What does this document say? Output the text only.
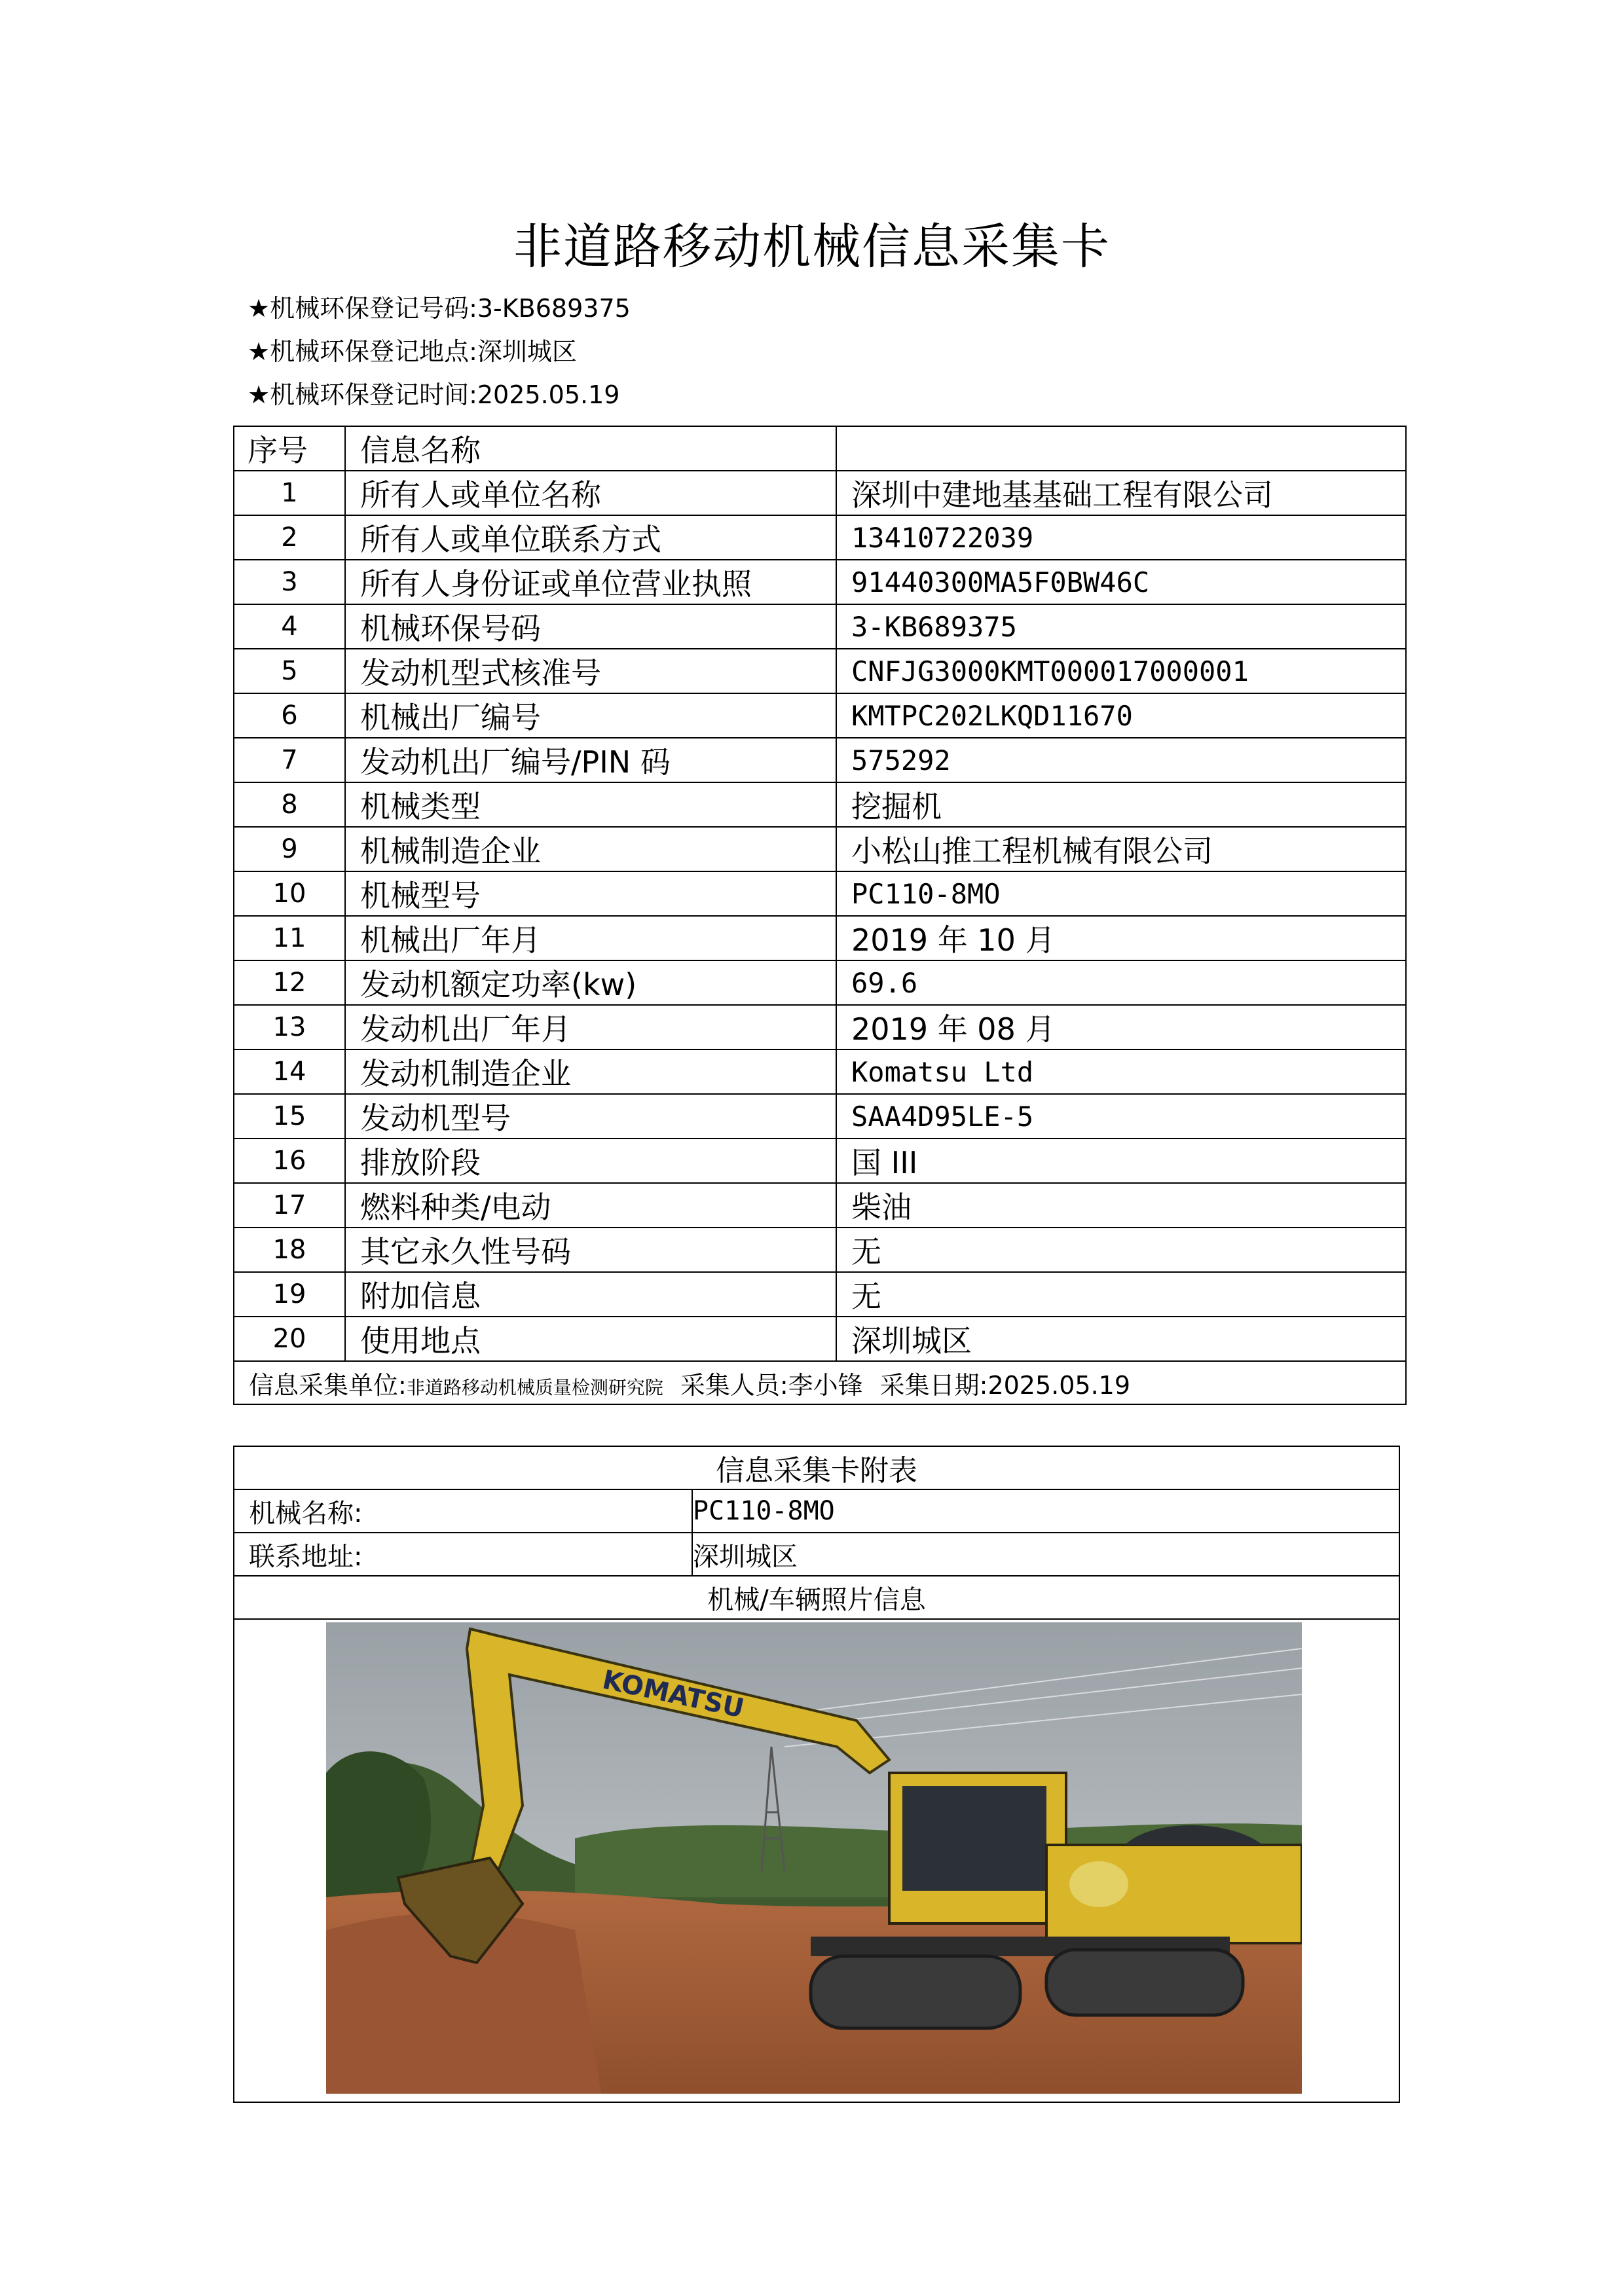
非道路移动机械信息采集卡
★机械环保登记号码:3-KB689375
★机械环保登记地点:深圳城区
★机械环保登记时间:2025.05.19
序号	信息名称	
1	所有人或单位名称	深圳中建地基基础工程有限公司
2	所有人或单位联系方式	13410722039
3	所有人身份证或单位营业执照	91440300MA5F0BW46C
4	机械环保号码	3-KB689375
5	发动机型式核准号	CNFJG3000KMT000017000001
6	机械出厂编号	KMTPC202LKQD11670
7	发动机出厂编号/PIN 码	575292
8	机械类型	挖掘机
9	机械制造企业	小松山推工程机械有限公司
10	机械型号	PC110-8MO
11	机械出厂年月	2019 年 10 月
12	发动机额定功率(kw)	69.6
13	发动机出厂年月	2019 年 08 月
14	发动机制造企业	Komatsu Ltd
15	发动机型号	SAA4D95LE-5
16	排放阶段	国 III
17	燃料种类/电动	柴油
18	其它永久性号码	无
19	附加信息	无
20	使用地点	深圳城区
信息采集单位:非道路移动机械质量检测研究院 采集人员:李小锋 采集日期:2025.05.19		
信息采集卡附表	
机械名称:	PC110-8MO
联系地址:	深圳城区
机械/车辆照片信息	

KOMATSU	
